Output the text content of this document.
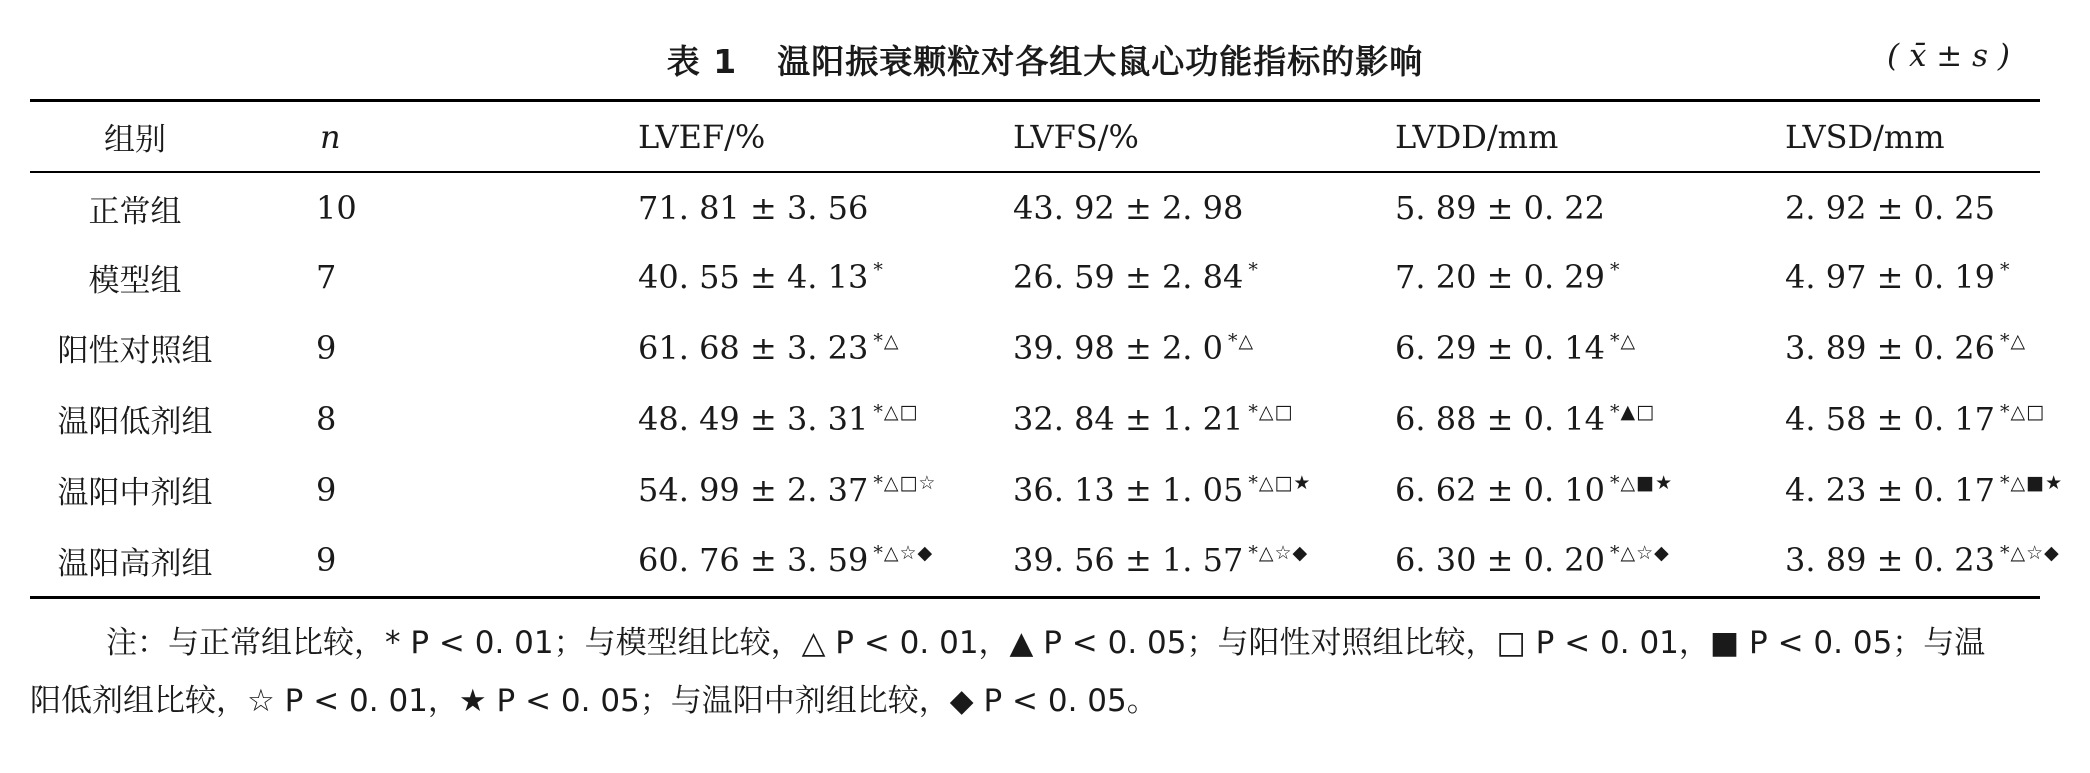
表 1 温阳振衰颗粒对各组大鼠心功能指标的影响	( x̄ ± s )
组别	n	LVEF/%	LVFS/%	LVDD/mm	LVSD/mm
正常组	10	71. 81 ± 3. 56	43. 92 ± 2. 98	5. 89 ± 0. 22	2. 92 ± 0. 25
模型组	7	40. 55 ± 4. 13 *	26. 59 ± 2. 84 *	7. 20 ± 0. 29 *	4. 97 ± 0. 19 *
阳性对照组	9	61. 68 ± 3. 23 *△	39. 98 ± 2. 0 *△	6. 29 ± 0. 14 *△	3. 89 ± 0. 26 *△
温阳低剂组	8	48. 49 ± 3. 31 *△□	32. 84 ± 1. 21 *△□	6. 88 ± 0. 14 *▲□	4. 58 ± 0. 17 *△□
温阳中剂组	9	54. 99 ± 2. 37 *△□☆	36. 13 ± 1. 05 *△□★	6. 62 ± 0. 10 *△■★	4. 23 ± 0. 17 *△■★
温阳高剂组	9	60. 76 ± 3. 59 *△☆◆	39. 56 ± 1. 57 *△☆◆	6. 30 ± 0. 20 *△☆◆	3. 89 ± 0. 23 *△☆◆
注：与正常组比较，* P < 0. 01；与模型组比较，△ P < 0. 01，▲ P < 0. 05；与阳性对照组比较，□ P < 0. 01，■ P < 0. 05；与温
阳低剂组比较，☆ P < 0. 01，★ P < 0. 05；与温阳中剂组比较，◆ P < 0. 05。
